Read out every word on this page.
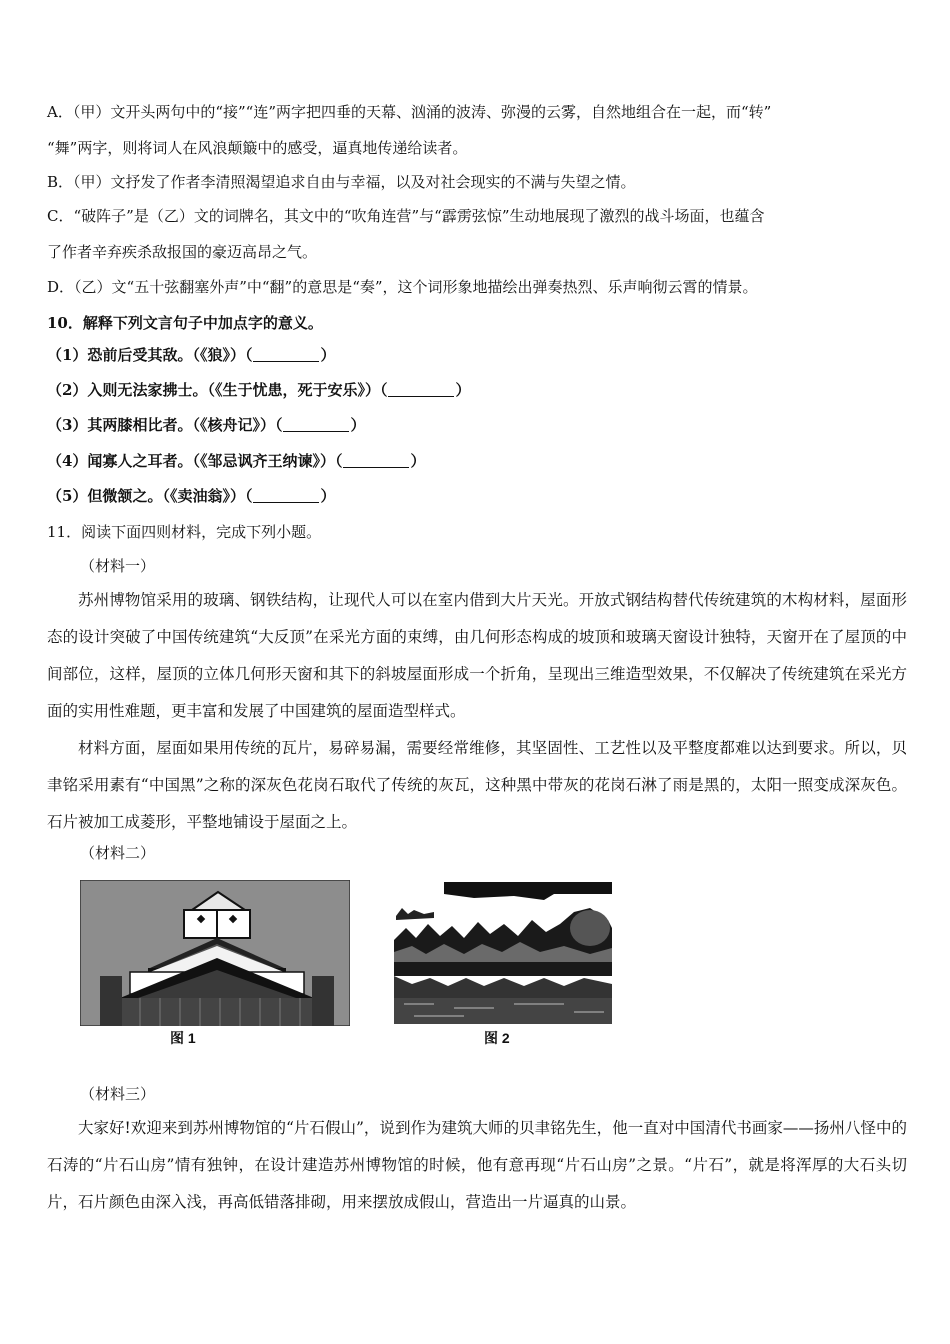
A．（甲）文开头两句中的“接”“连”两字把四垂的天幕、汹涌的波涛、弥漫的云雾，自然地组合在一起，而“转”
“舞”两字，则将词人在风浪颠簸中的感受，逼真地传递给读者。
B．（甲）文抒发了作者李清照渴望追求自由与幸福，以及对社会现实的不满与失望之情。
C．“破阵子”是（乙）文的词牌名，其文中的“吹角连营”与“霹雳弦惊”生动地展现了激烈的战斗场面，也蕴含
了作者辛弃疾杀敌报国的豪迈高昂之气。
D．（乙）文“五十弦翻塞外声”中“翻”的意思是“奏”，这个词形象地描绘出弹奏热烈、乐声响彻云霄的情景。
10．解释下列文言句子中加点字的意义。
（1）恐前后受其敌。（《狼》）（	）
（2）入则无法家拂士。（《生于忧患，死于安乐》）（	）
（3）其两膝相比者。（《核舟记》）（	）
（4）闻寡人之耳者。（《邹忌讽齐王纳谏》）（	）
（5）但微颔之。（《卖油翁》）（	）
11．阅读下面四则材料，完成下列小题。
（材料一）
苏州博物馆采用的玻璃、钢铁结构，让现代人可以在室内借到大片天光。开放式钢结构替代传统建筑的木构材料，屋面形态的设计突破了中国传统建筑“大反顶”在采光方面的束缚，由几何形态构成的坡顶和玻璃天窗设计独特，天窗开在了屋顶的中间部位，这样，屋顶的立体几何形天窗和其下的斜坡屋面形成一个折角，呈现出三维造型效果，不仅解决了传统建筑在采光方面的实用性难题，更丰富和发展了中国建筑的屋面造型样式。
材料方面，屋面如果用传统的瓦片，易碎易漏，需要经常维修，其坚固性、工艺性以及平整度都难以达到要求。所以，贝聿铭采用素有“中国黑”之称的深灰色花岗石取代了传统的灰瓦，这种黑中带灰的花岗石淋了雨是黑的，太阳一照变成深灰色。石片被加工成菱形，平整地铺设于屋面之上。
（材料二）
图 1	图 2
（材料三）
大家好!欢迎来到苏州博物馆的“片石假山”，说到作为建筑大师的贝聿铭先生，他一直对中国清代书画家——扬州八怪中的石涛的“片石山房”情有独钟，在设计建造苏州博物馆的时候，他有意再现“片石山房”之景。“片石”，就是将浑厚的大石头切片，石片颜色由深入浅，再高低错落排砌，用来摆放成假山，营造出一片逼真的山景。
